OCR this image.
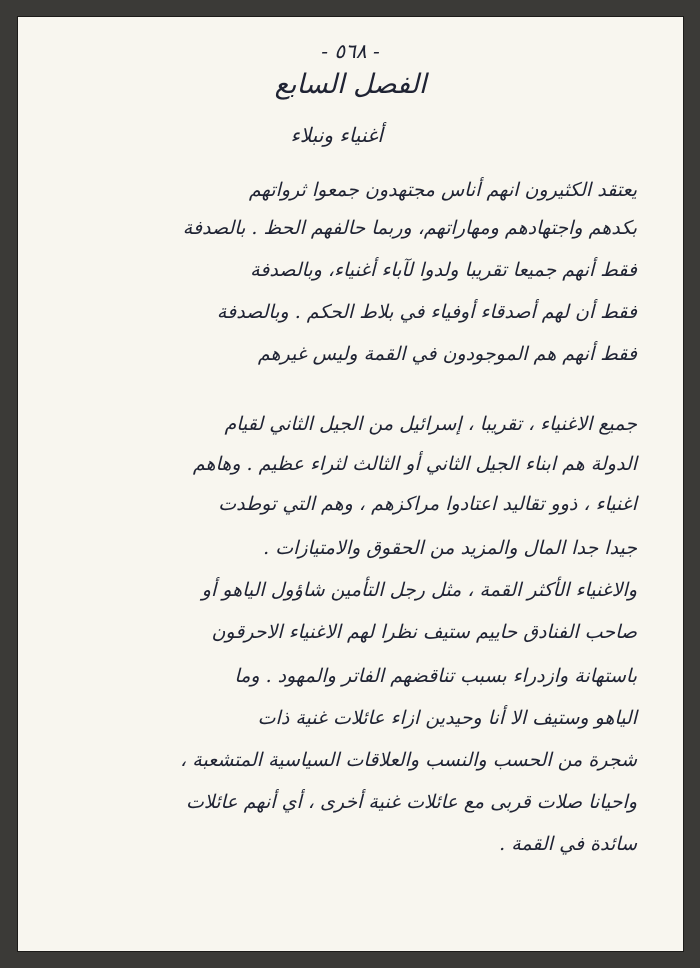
- ٥٦٨ -
الفصل السابع
أغنياء ونبلاء
يعتقد الكثيرون انهم أناس مجتهدون جمعوا ثرواتهم
بكدهم واجتهادهم ومهاراتهم، وربما حالفهم الحظ . بالصدفة
فقط أنهم جميعا تقريبا ولدوا لآباء أغنياء، وبالصدفة
فقط أن لهم أصدقاء أوفياء في بلاط الحكم . وبالصدفة
فقط أنهم هم الموجودون في القمة وليس غيرهم
جميع الاغنياء ، تقريبا ، إسرائيل من الجيل الثاني لقيام
الدولة هم ابناء الجيل الثاني أو الثالث لثراء عظيم . وهاهم
اغنياء ، ذوو تقاليد اعتادوا مراكزهم ، وهم التي توطدت
جيدا جدا المال والمزيد من الحقوق والامتيازات .
والاغنياء الأكثر القمة ، مثل رجل التأمين شاؤول الياهو أو
صاحب الفنادق حاييم ستيف نظرا لهم الاغنياء الاحرقون
باستهانة وازدراء بسبب تناقضهم الفاتر والمهود . وما
الياهو وستيف الا أنا وحيدين ازاء عائلات غنية ذات
شجرة من الحسب والنسب والعلاقات السياسية المتشعبة ،
واحيانا صلات قربى مع عائلات غنية أخرى ، أي أنهم عائلات
سائدة في القمة .
